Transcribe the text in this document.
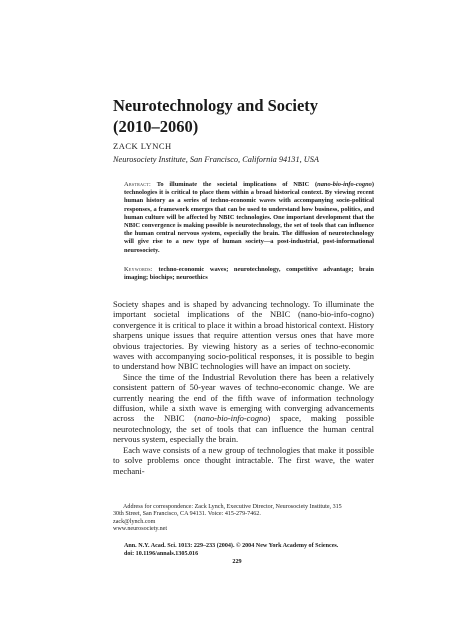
Neurotechnology and Society
(2010–2060)
ZACK LYNCH
Neurosociety Institute, San Francisco, California 94131, USA
Abstract: To illuminate the societal implications of NBIC (nano-bio-info-cogno) technologies it is critical to place them within a broad historical context. By viewing recent human history as a series of techno-economic waves with accompanying socio-political responses, a framework emerges that can be used to understand how business, politics, and human culture will be affected by NBIC technologies. One important development that the NBIC convergence is making possible is neurotechnology, the set of tools that can influence the human central nervous system, especially the brain. The diffusion of neurotechnology will give rise to a new type of human society—a post-industrial, post-informational neurosociety.
Keywords: techno-economic waves; neurotechnology, competitive advantage; brain imaging; biochips; neuroethics

Society shapes and is shaped by advancing technology. To illuminate the important societal implications of the NBIC (nano-bio-info-cogno) convergence it is critical to place it within a broad historical context. History sharpens unique issues that require attention versus ones that have more obvious trajectories. By viewing history as a series of techno-economic waves with accompanying socio-political responses, it is possible to begin to understand how NBIC technologies will have an impact on society.

Since the time of the Industrial Revolution there has been a relatively consistent pattern of 50-year waves of techno-economic change. We are currently nearing the end of the fifth wave of information technology diffusion, while a sixth wave is emerging with converging advancements across the NBIC (nano-bio-info-cogno) space, making possible neurotechnology, the set of tools that can influence the human central nervous system, especially the brain.

Each wave consists of a new group of technologies that make it possible to solve problems once thought intractable. The first wave, the water mechani-

Address for correspondence: Zack Lynch, Executive Director, Neurosociety Institute, 315
30th Street, San Francisco, CA 94131. Voice: 415-279-7462.
zack@lynch.com
www.neurosociety.net
Ann. N.Y. Acad. Sci. 1013: 229–233 (2004). © 2004 New York Academy of Sciences.
doi: 10.1196/annals.1305.016
229
